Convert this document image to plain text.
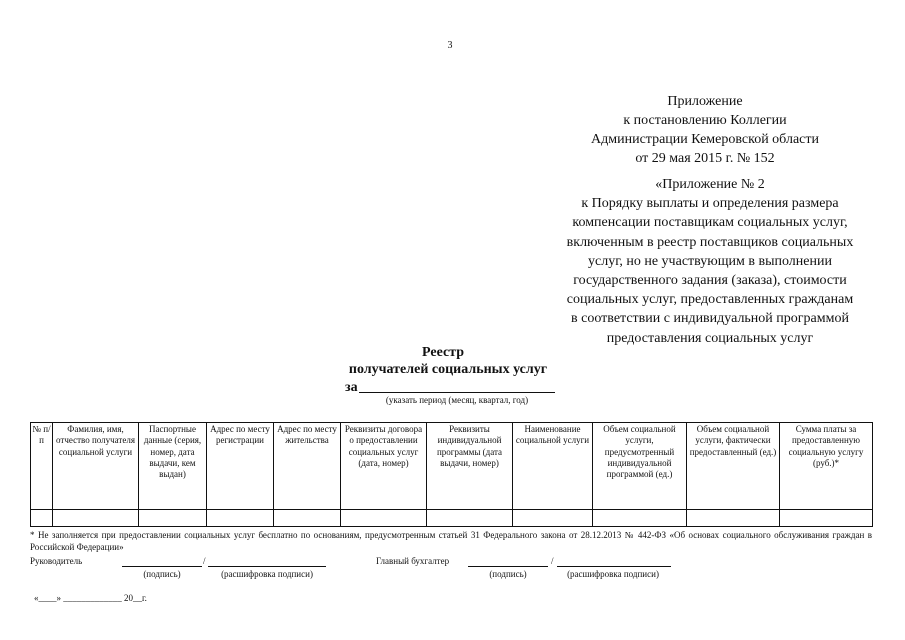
3
Приложение
к постановлению Коллегии
Администрации Кемеровской области
от 29 мая 2015 г. № 152
«Приложение № 2
к Порядку выплаты и определения размера
компенсации поставщикам социальных услуг,
включенным в реестр поставщиков социальных
услуг, но не участвующим в выполнении
государственного задания (заказа), стоимости
социальных услуг, предоставленных гражданам
в соответствии с индивидуальной программой
предоставления социальных услуг
Реестр
получателей социальных услуг
за
(указать период (месяц, квартал, год)
№ п/п	Фамилия, имя, отчество получателя социальной услуги	Паспортные данные (серия, номер, дата выдачи, кем выдан)	Адрес по месту регистрации	Адрес по месту жительства	Реквизиты договора о предоставлении социальных услуг (дата, номер)	Реквизиты индивидуальной программы (дата выдачи, номер)	Наименование социальной услуги	Объем социальной услуги, предусмотренный индивидуальной программой (ед.)	Объем социальной услуги, фактически предоставленный (ед.)	Сумма платы за предоставленную социальную услугу (руб.)*

* Не заполняется при предоставлении социальных услуг бесплатно по основаниям, предусмотренным статьей 31 Федерального закона от 28.12.2013 № 442-ФЗ «Об основах социального обслуживания граждан в Российской Федерации»
Руководитель	/
(подпись)	(расшифровка подписи)
Главный бухгалтер	/
(подпись)	(расшифровка подписи)
«____» _____________ 20__г.
